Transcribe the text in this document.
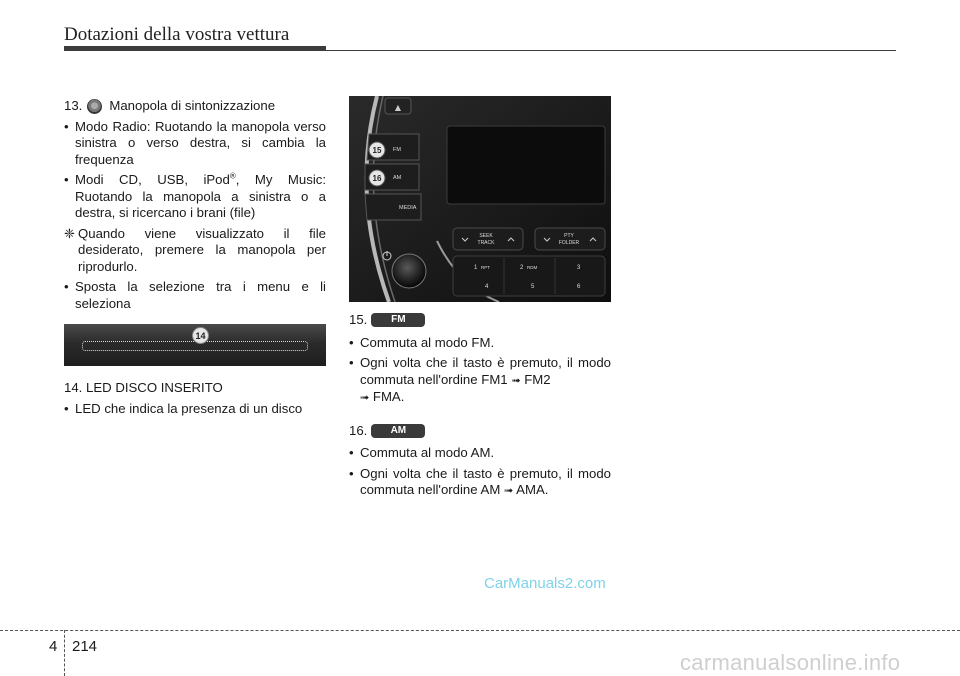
Dotazioni della vostra vettura
13. Manopola di sintonizzazione
• Modo Radio: Ruotando la manopola verso sinistra o verso destra, si cambia la frequenza
• Modi CD, USB, iPod®, My Music: Ruotando la manopola a sinistra o a destra, si ricercano i brani (file)
❈ Quando viene visualizzato il file desiderato, premere la manopola per riprodurlo.
• Sposta la selezione tra i menu e li seleziona
14
14. LED DISCO INSERITO
• LED che indica la presenza di un disco
▲
FM
AM
MEDIA
15
16
SEEK
TRACK
PTY
FOLDER
1 RPT	2 RDM	3
4	5	6
15.	FM
• Commuta al modo FM.
• Ogni volta che il tasto è premuto, il modo commuta nell'ordine FM1 ➟ FM2
➟ FMA.
16.	AM
• Commuta al modo AM.
• Ogni volta che il tasto è premuto, il modo commuta nell'ordine AM ➟ AMA.
CarManuals2.com
4 214
carmanualsonline.info
